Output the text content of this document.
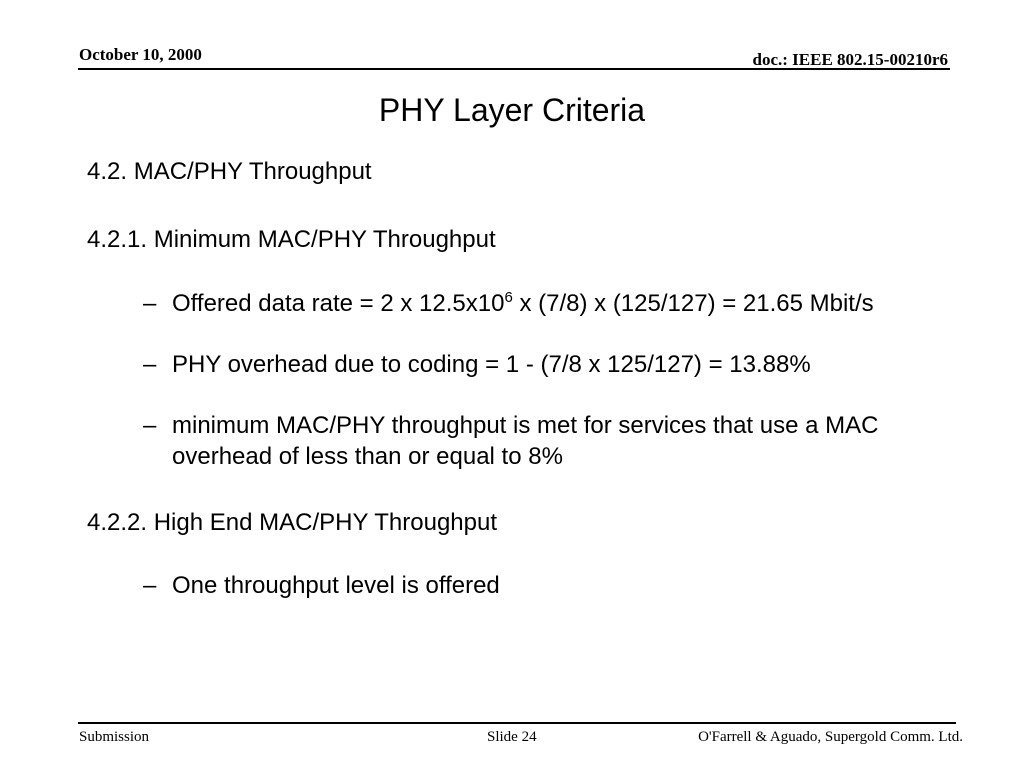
October 10, 2000	doc.: IEEE 802.15-00210r6
PHY Layer Criteria
4.2. MAC/PHY Throughput
4.2.1. Minimum MAC/PHY Throughput
– Offered data rate = 2 x $12.5x10^6$ x (7/8) x (125/127) = 21.65 Mbit/s
– PHY overhead due to coding = 1 - (7/8 x 125/127) = 13.88%
– minimum MAC/PHY throughput is met for services that use a MAC
overhead of less than or equal to 8%
4.2.2. High End MAC/PHY Throughput
– One throughput level is offered
Submission	Slide 24	O'Farrell & Aguado, Supergold Comm. Ltd.
